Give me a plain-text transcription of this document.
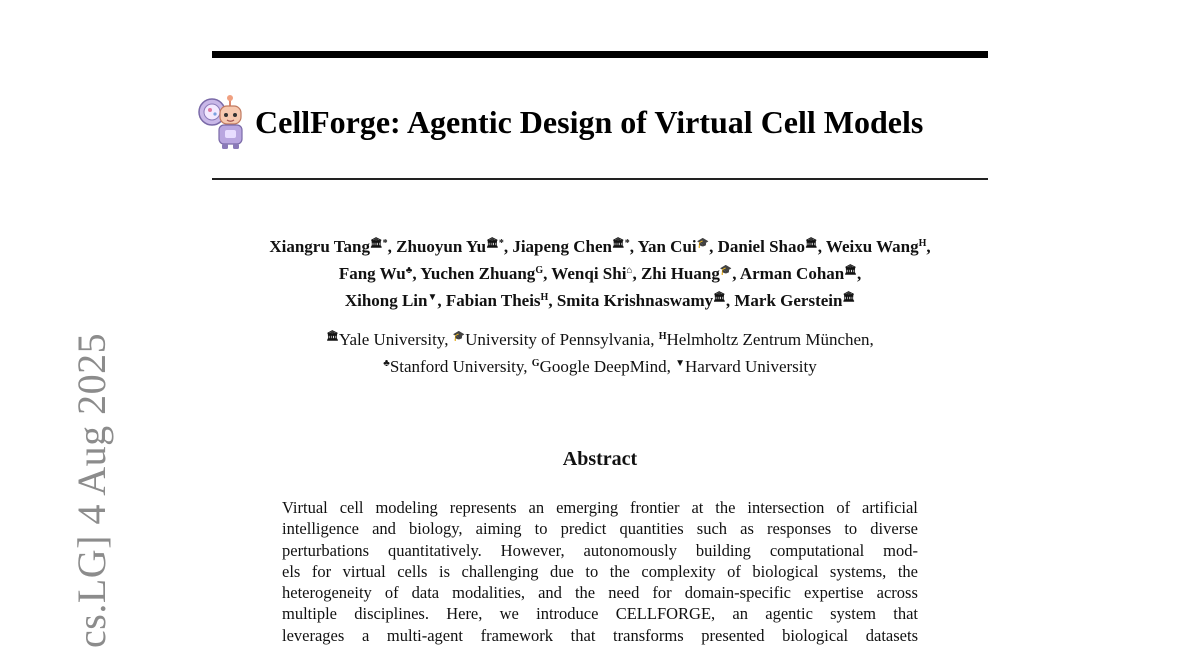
cs.LG] 4 Aug 2025
CellForge: Agentic Design of Virtual Cell Models
Xiangru Tang🏛*, Zhuoyun Yu🏛*, Jiapeng Chen🏛*, Yan Cui🎓, Daniel Shao🏛, Weixu Wang$^H$,
Fang Wu♣, Yuchen Zhuang$^G$, Wenqi Shi⌂, Zhi Huang🎓, Arman Cohan🏛,
Xihong Lin▼, Fabian Theis$^H$, Smita Krishnaswamy🏛, Mark Gerstein🏛
🏛Yale University, 🎓University of Pennsylvania, $^H$Helmholtz Zentrum München,
♣Stanford University, $^G$Google DeepMind, ▼Harvard University
Abstract
Virtual cell modeling represents an emerging frontier at the intersection of artificial
intelligence and biology, aiming to predict quantities such as responses to diverse
perturbations quantitatively. However, autonomously building computational mod-
els for virtual cells is challenging due to the complexity of biological systems, the
heterogeneity of data modalities, and the need for domain-specific expertise across
multiple disciplines. Here, we introduce CELLFORGE, an agentic system that
leverages a multi-agent framework that transforms presented biological datasets
